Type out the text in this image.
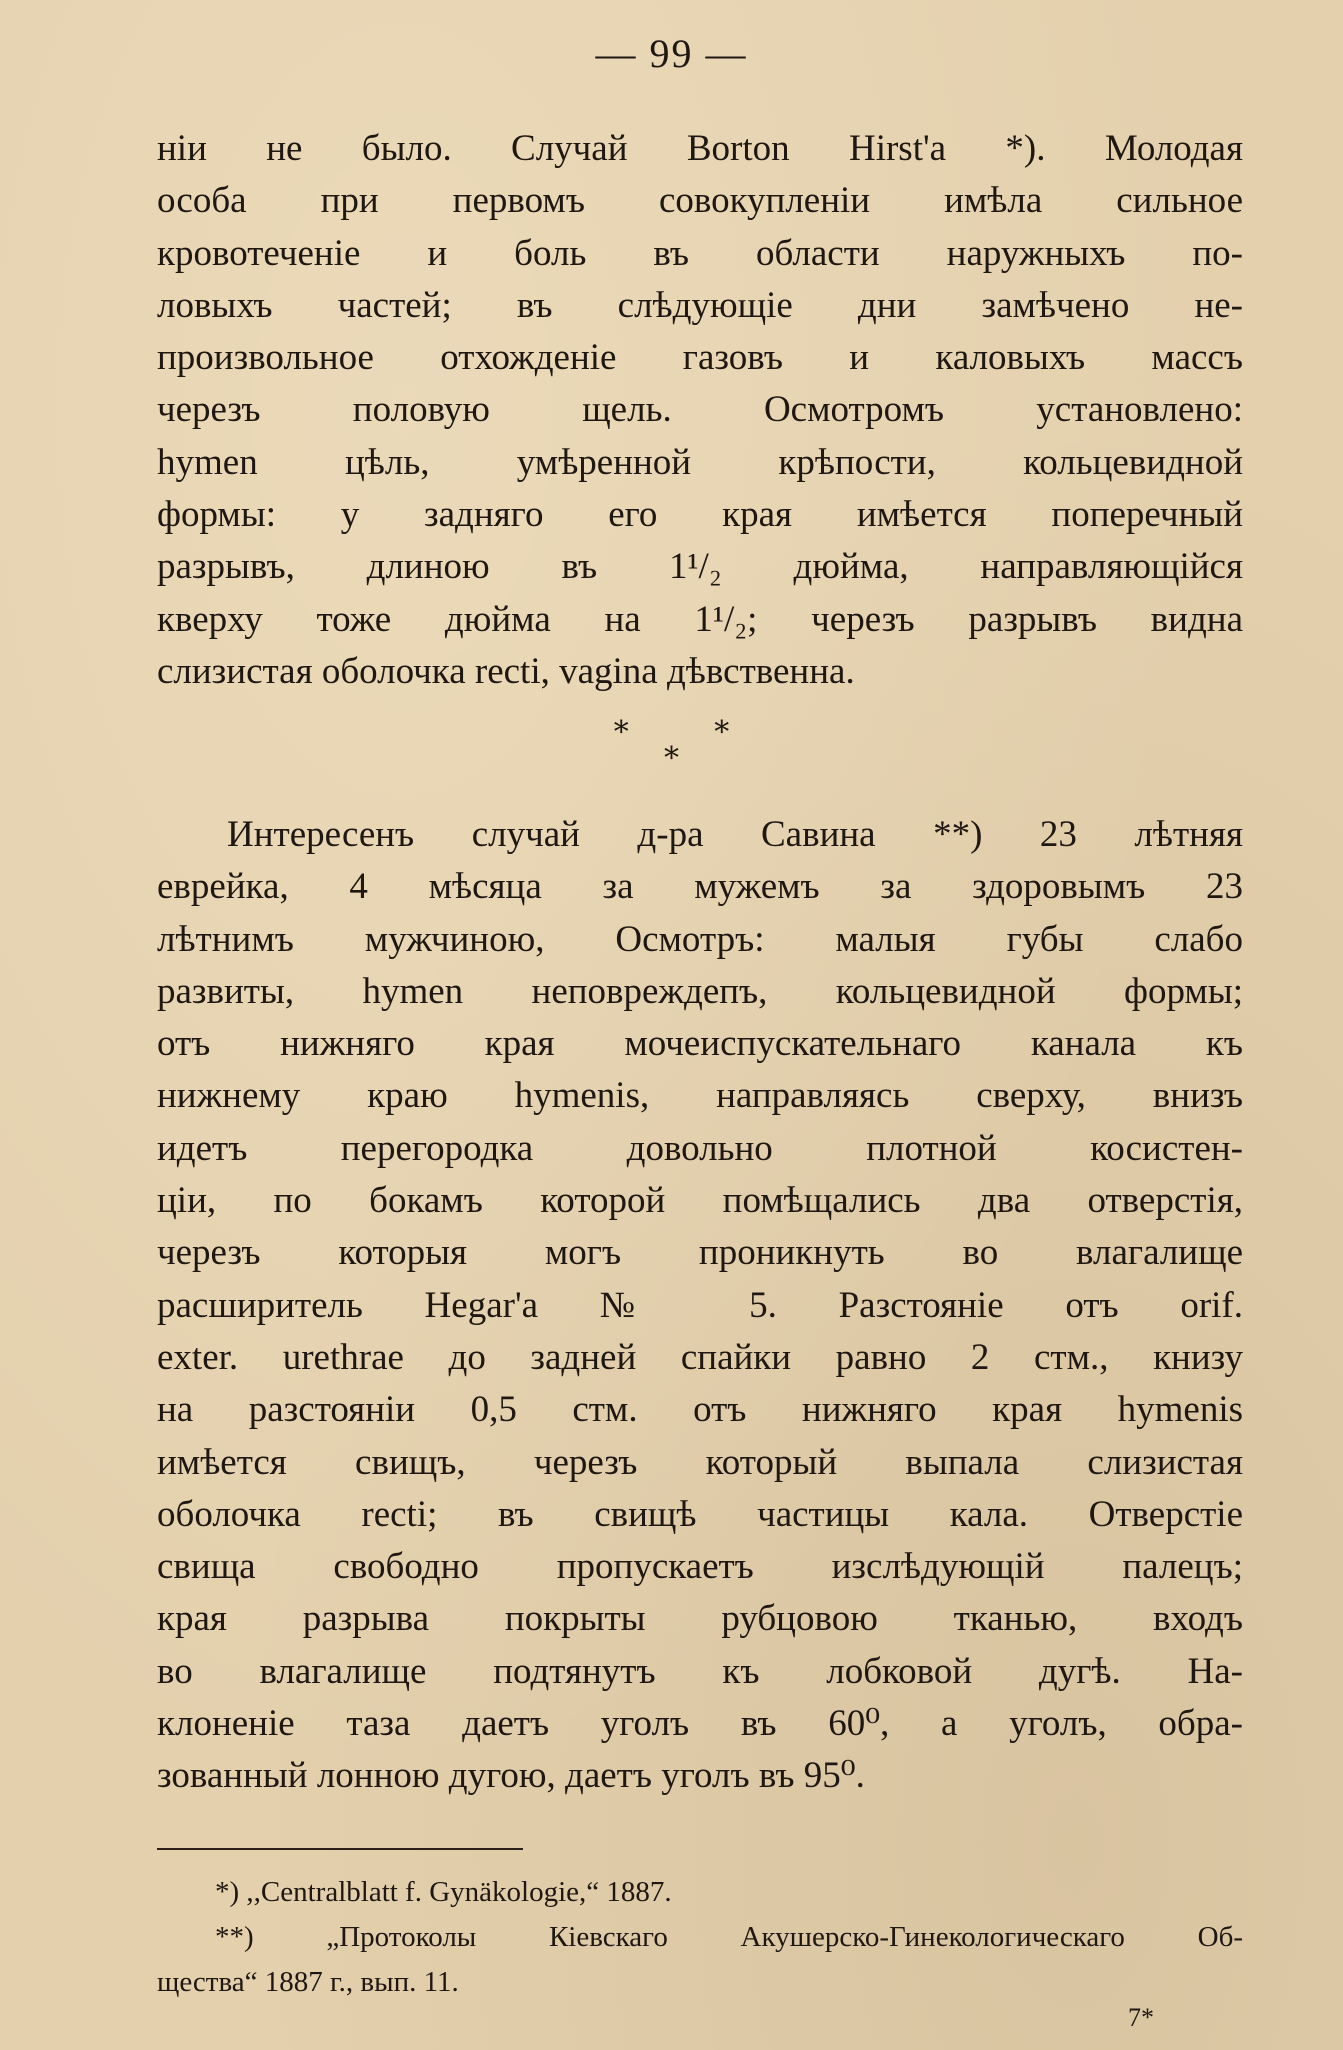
— 99 —
нiи не было. Случай Borton Hirst'а *). Молодая
особа при первомъ совокупленiи имѣла сильное
кровотеченiе и боль въ области наружныхъ по-
ловыхъ частей; въ слѣдующiе дни замѣчено не-
произвольное отхожденiе газовъ и каловыхъ массъ
черезъ половую щель. Осмотромъ установлено:
hymen цѣль, умѣренной крѣпости, кольцевидной
формы: у задняго его края имѣется поперечный
разрывъ, длиною въ 1¹/₂ дюйма, направляющiйся
кверху тоже дюйма на 1¹/₂; черезъ разрывъ видна
слизистая оболочка recti, vagina дѣвственна.
* *
*
Интересенъ случай д-ра Савина **) 23 лѣтняя
еврейка, 4 мѣсяца за мужемъ за здоровымъ 23
лѣтнимъ мужчиною, Осмотръ: малыя губы слабо
развиты, hymen неповреждепъ, кольцевидной формы;
отъ нижняго края мочеиспускательнаго канала къ
нижнему краю hymenis, направляясь сверху, внизъ
идетъ перегородка довольно плотной косистен-
цiи, по бокамъ которой помѣщались два отверстiя,
черезъ которыя могъ проникнуть во влагалище
расширитель Hegar'а № 5. Разстоянiе отъ orif.
exter. urethrae до задней спайки равно 2 стм., книзу
на разстоянiи 0,5 стм. отъ нижняго края hymenis
имѣется свищъ, черезъ который выпала слизистая
оболочка recti; въ свищѣ частицы кала. Отверстiе
свища свободно пропускаетъ изслѣдующiй палецъ;
края разрыва покрыты рубцовою тканью, входъ
во влагалище подтянутъ къ лобковой дугѣ. На-
клоненiе таза даетъ уголъ въ 60⁰, а уголъ, обра-
зованный лонною дугою, даетъ уголъ въ 95⁰.
*) ,,Centralblatt f. Gynäkologie,“ 1887.
**) „Протоколы Кiевскаго Акушерско-Гинекологическаго Об-
щества“ 1887 г., вып. 11.
7*
